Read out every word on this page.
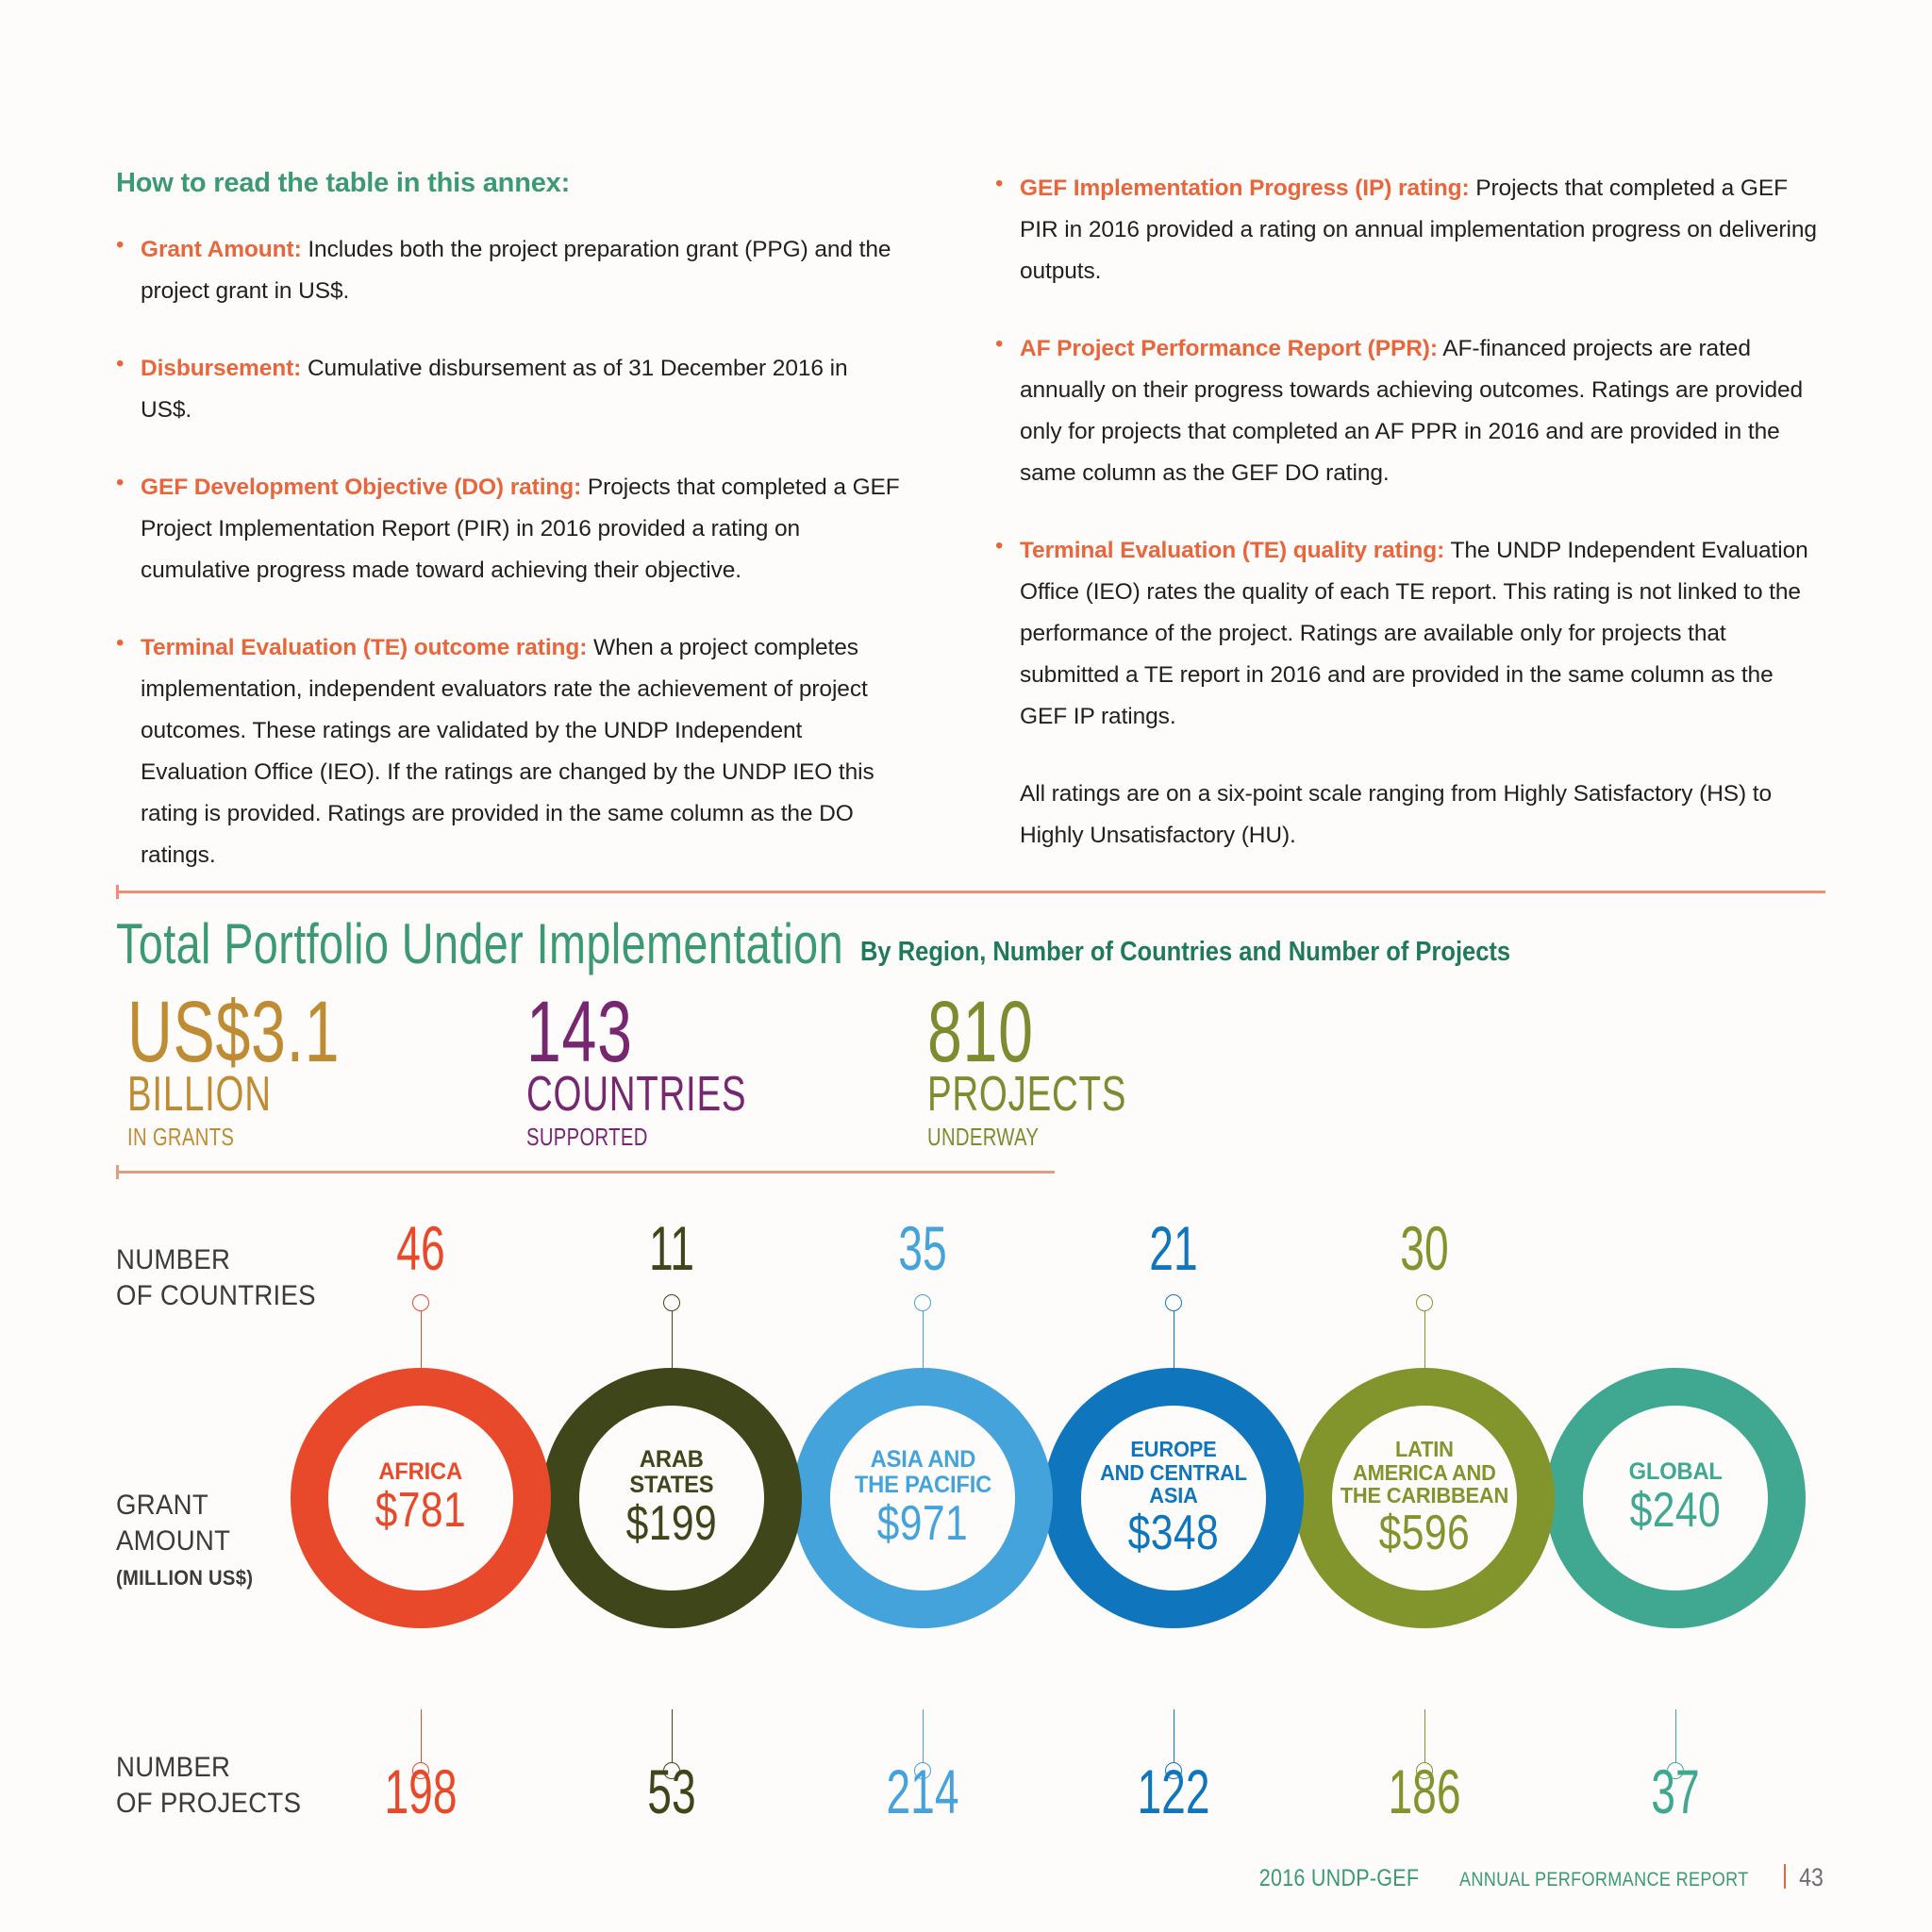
How to read the table in this annex:
• Grant Amount: Includes both the project preparation grant (PPG) and the project grant in US$.
• Disbursement: Cumulative disbursement as of 31 December 2016 in US$.
• GEF Development Objective (DO) rating: Projects that completed a GEF Project Implementation Report (PIR) in 2016 provided a rating on cumulative progress made toward achieving their objective.
• Terminal Evaluation (TE) outcome rating: When a project completes implementation, independent evaluators rate the achievement of project outcomes. These ratings are validated by the UNDP Independent Evaluation Office (IEO). If the ratings are changed by the UNDP IEO this rating is provided. Ratings are provided in the same column as the DO ratings.
• GEF Implementation Progress (IP) rating: Projects that completed a GEF PIR in 2016 provided a rating on annual implementation progress on delivering outputs.
• AF Project Performance Report (PPR): AF-financed projects are rated annually on their progress towards achieving outcomes. Ratings are provided only for projects that completed an AF PPR in 2016 and are provided in the same column as the GEF DO rating.
• Terminal Evaluation (TE) quality rating: The UNDP Independent Evaluation Office (IEO) rates the quality of each TE report. This rating is not linked to the performance of the project. Ratings are available only for projects that submitted a TE report in 2016 and are provided in the same column as the GEF IP ratings.
All ratings are on a six-point scale ranging from Highly Satisfactory (HS) to Highly Unsatisfactory (HU).
Total Portfolio Under Implementation By Region, Number of Countries and Number of Projects
US$3.1
BILLION
IN GRANTS
143
COUNTRIES
SUPPORTED
810
PROJECTS
UNDERWAY
NUMBER
OF COUNTRIES
GRANT
AMOUNT
(MILLION US$)
NUMBER
OF PROJECTS
46
AFRICA
$781
198
11
ARAB
STATES
$199
53
35
ASIA AND
THE PACIFIC
$971
214
21
EUROPE
AND CENTRAL
ASIA
$348
122
30
LATIN
AMERICA AND
THE CARIBBEAN
$596
186
GLOBAL
$240
37
2016 UNDP-GEF ANNUAL PERFORMANCE REPORT 43
